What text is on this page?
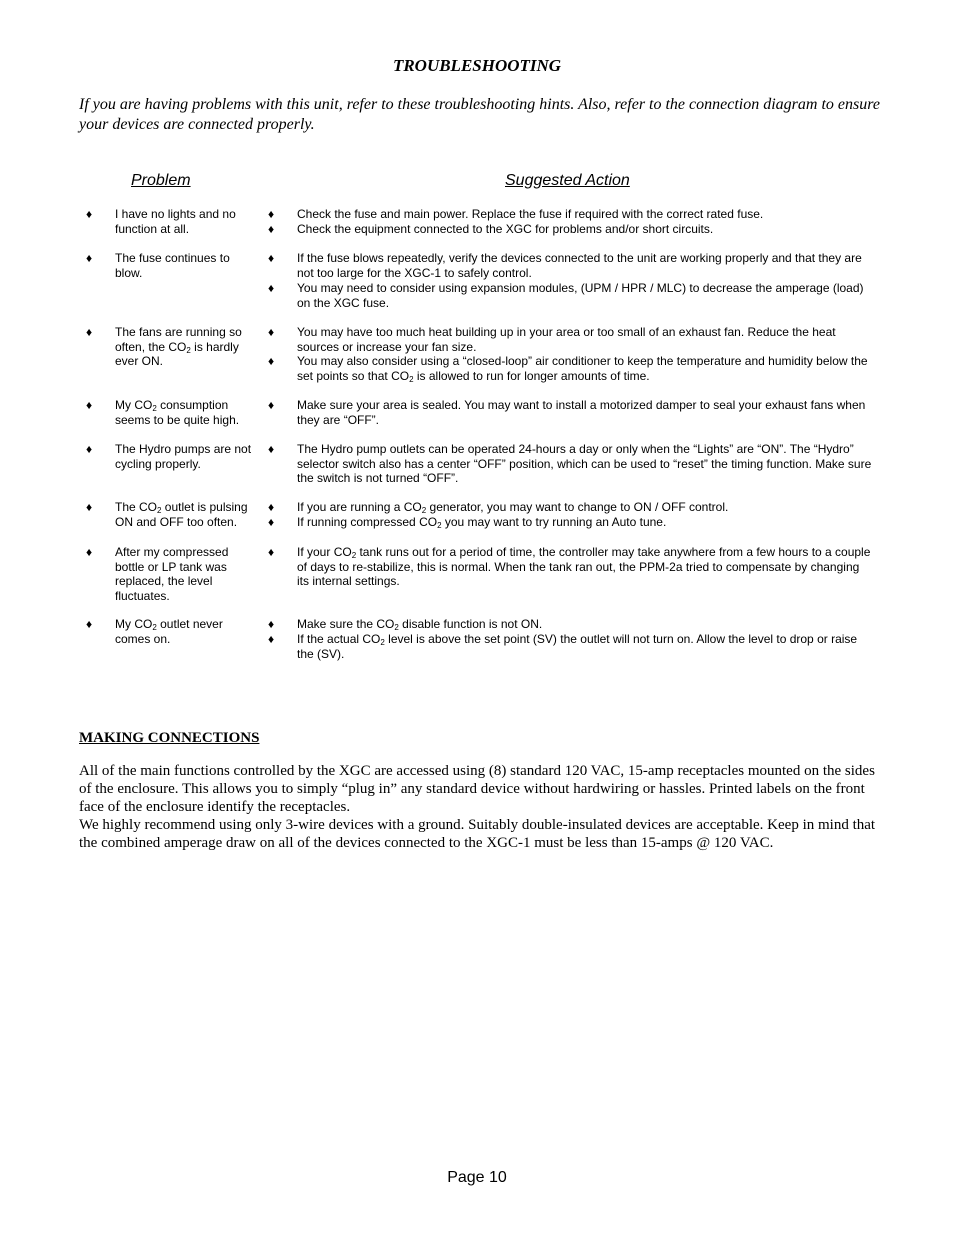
TROUBLESHOOTING
If you are having problems with this unit, refer to these troubleshooting hints. Also, refer to the connection diagram to ensure your devices are connected properly.
Problem	Suggested Action
♦ I have no lights and no function at all.
♦ Check the fuse and main power. Replace the fuse if required with the correct rated fuse.
♦ Check the equipment connected to the XGC for problems and/or short circuits.
♦ The fuse continues to blow.
♦ If the fuse blows repeatedly, verify the devices connected to the unit are working properly and that they are not too large for the XGC-1 to safely control.
♦ You may need to consider using expansion modules, (UPM / HPR / MLC) to decrease the amperage (load) on the XGC fuse.
♦ The fans are running so often, the $CO_2$ is hardly ever ON.
♦ You may have too much heat building up in your area or too small of an exhaust fan. Reduce the heat sources or increase your fan size.
♦ You may also consider using a “closed-loop” air conditioner to keep the temperature and humidity below the set points so that $CO_2$ is allowed to run for longer amounts of time.
♦ My $CO_2$ consumption seems to be quite high.
♦ Make sure your area is sealed. You may want to install a motorized damper to seal your exhaust fans when they are “OFF”.
♦ The Hydro pumps are not cycling properly.
♦ The Hydro pump outlets can be operated 24-hours a day or only when the “Lights” are “ON”. The “Hydro” selector switch also has a center “OFF” position, which can be used to “reset” the timing function. Make sure the switch is not turned “OFF”.
♦ The $CO_2$ outlet is pulsing ON and OFF too often.
♦ If you are running a $CO_2$ generator, you may want to change to ON / OFF control.
♦ If running compressed $CO_2$ you may want to try running an Auto tune.
♦ After my compressed bottle or LP tank was replaced, the level fluctuates.
♦ If your $CO_2$ tank runs out for a period of time, the controller may take anywhere from a few hours to a couple of days to re-stabilize, this is normal. When the tank ran out, the PPM-2a tried to compensate by changing its internal settings.
♦ My $CO_2$ outlet never comes on.
♦ Make sure the $CO_2$ disable function is not ON.
♦ If the actual $CO_2$ level is above the set point (SV) the outlet will not turn on. Allow the level to drop or raise the (SV).
MAKING CONNECTIONS
All of the main functions controlled by the XGC are accessed using (8) standard 120 VAC, 15-amp receptacles mounted on the sides of the enclosure. This allows you to simply “plug in” any standard device without hardwiring or hassles. Printed labels on the front face of the enclosure identify the receptacles.
We highly recommend using only 3-wire devices with a ground. Suitably double-insulated devices are acceptable. Keep in mind that the combined amperage draw on all of the devices connected to the XGC-1 must be less than 15-amps @ 120 VAC.
Page 10
